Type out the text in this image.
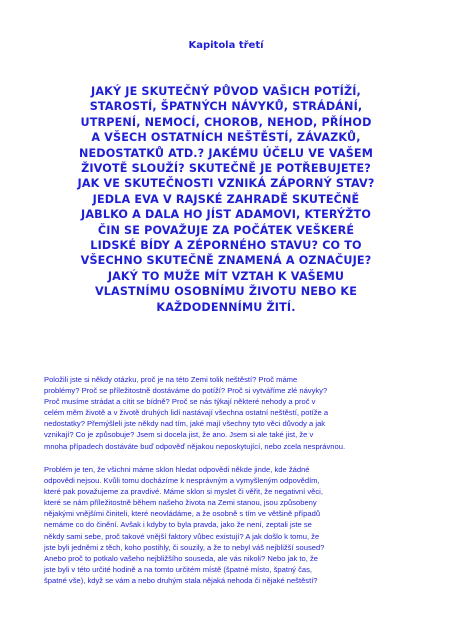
Kapitola třetí
JAKÝ JE SKUTEČNÝ PŮVOD VAŠICH POTÍŽÍ,
STAROSTÍ, ŠPATNÝCH NÁVYKŮ, STRÁDÁNÍ,
UTRPENÍ, NEMOCÍ, CHOROB, NEHOD, PŘÍHOD
A VŠECH OSTATNÍCH NEŠTĚSTÍ, ZÁVAZKŮ,
NEDOSTATKŮ ATD.? JAKÉMU ÚČELU VE VAŠEM
ŽIVOTĚ SLOUŽÍ? SKUTEČNĚ JE POTŘEBUJETE?
JAK VE SKUTEČNOSTI VZNIKÁ ZÁPORNÝ STAV?
JEDLA EVA V RAJSKÉ ZAHRADĚ SKUTEČNĚ
JABLKO A DALA HO JÍST ADAMOVI, KTERÝŽTO
ČIN SE POVAŽUJE ZA POČÁTEK VEŠKERÉ
LIDSKÉ BÍDY A ZÉPORNÉHO STAVU? CO TO
VŠECHNO SKUTEČNĚ ZNAMENÁ A OZNAČUJE?
JAKÝ TO MUŽE MÍT VZTAH K VAŠEMU
VLASTNÍMU OSOBNÍMU ŽIVOTU NEBO KE
KAŽDODENNÍMU ŽITÍ.
Položili jste si někdy otázku, proč je na této Zemi tolik neštěstí? Proč máme
problémy? Proč se příležitostně dostáváme do potíží? Proč si vytváříme zlé návyky?
Proč musíme strádat a cítit se bídně? Proč se nás týkají některé nehody a proč v
celém měm životě a v životě druhých lidí nastávají všechna ostatní neštěstí, potíže a
nedostatky? Přemýšleli jste někdy nad tím, jaké mají všechny tyto věci důvody a jak
vznikají? Co je způsobuje? Jsem si docela jist, že ano. Jsem si ale také jist, že v
mnoha případech dostáváte buď odpověď nějakou neposkytující, nebo zcela nesprávnou.
Problém je ten, že všichni máme sklon hledat odpovědi někde jinde, kde žádné
odpovědi nejsou. Kvůli tomu docházíme k nesprávným a vymyšleným odpovědím,
které pak považujeme za pravdivé. Máme sklon si myslet či věřit, že negativní věci,
které se nám příležitostně během našeho života na Zemi stanou, jsou způsobeny
nějakými vnějšími činiteli, které neovládáme, a že osobně s tím ve většině případů
nemáme co do činění. Avšak i kdyby to byla pravda, jako že není, zeptali jste se
někdy sami sebe, proč takové vnější faktory vůbec existují? A jak došlo k tomu, že
jste byli jedněmi z těch, koho postihly, či souzily, a že to nebyl váš nejbližší soused?
Anebo proč to potkalo vašeho nejbližšího souseda, ale vás nikoli? Nebo jak to, že
jste byli v této určité hodině a na tomto určitém místě (špatné místo, špatný čas,
špatné vše), když se vám a nebo druhým stala nějaká nehoda či nějaké neštěstí?
